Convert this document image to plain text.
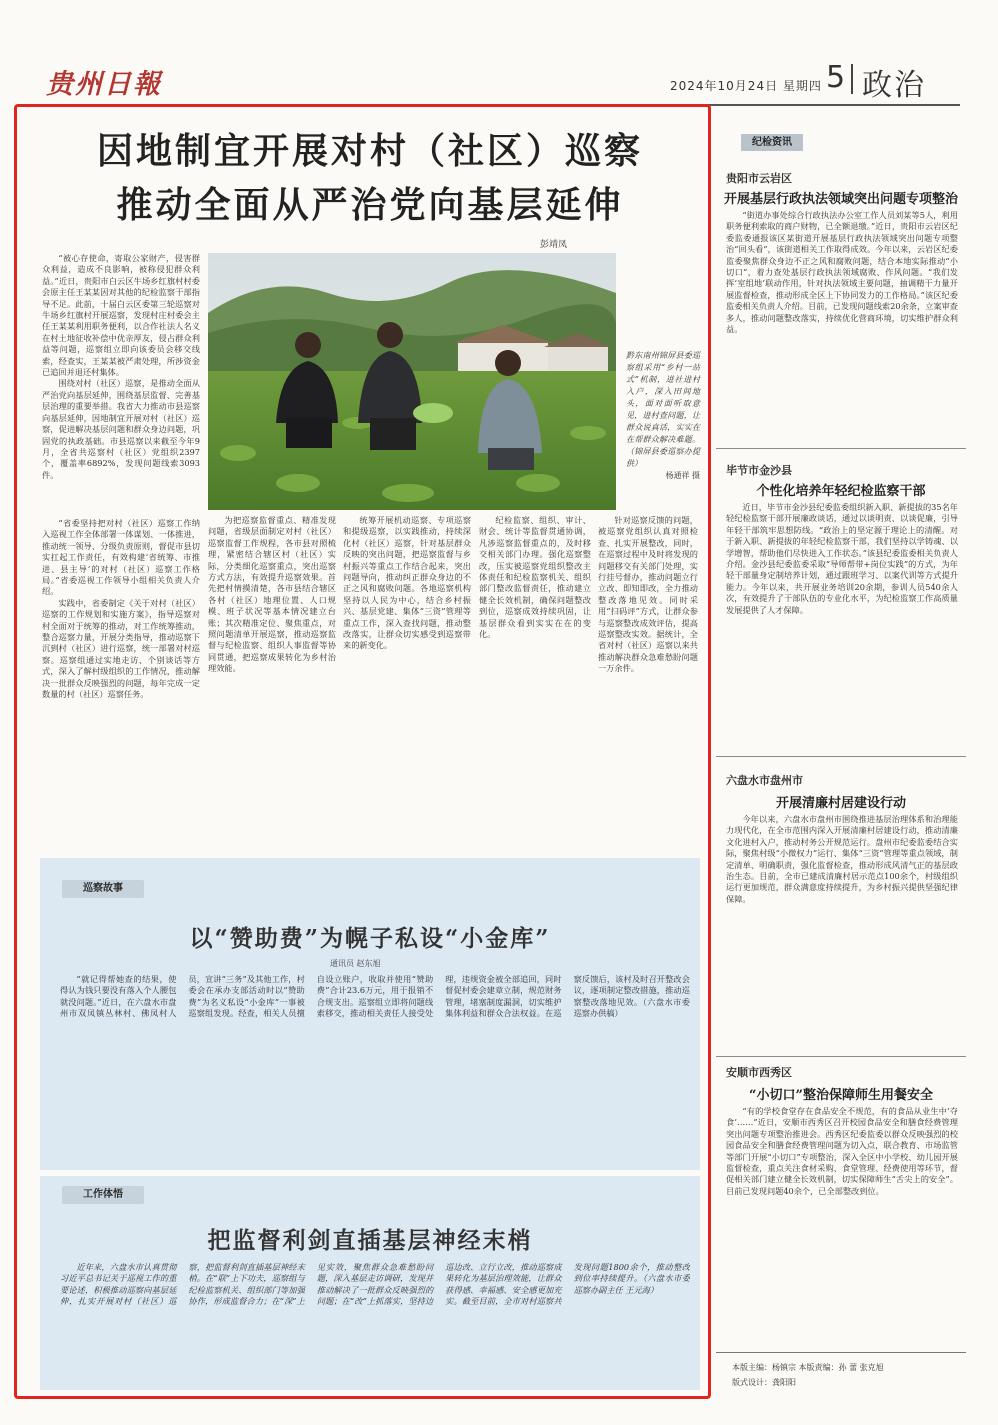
贵州日報	2024年10月24日 星期四 5 政治
因地制宜开展对村（社区）巡察
推动全面从严治党向基层延伸
彭靖凤

“被心存使命，寄取公家财产，侵害群众利益，造成不良影响，被称侵犯群众利益。”近日，贵阳市白云区牛场乡红旗村村委会原主任王某某因对其他的纪检监察干部指导不足。此前，十届白云区委第三轮巡察对牛场乡红旗村开展巡察，发现村庄村委会主任王某某利用职务便利，以合作社法人名义在村土地征收补偿中优亲厚友，侵占群众利益等问题，巡察组立即向该委员会移交线索，经查实，王某某被严肃处理，所涉资金已追回并退还村集体。

围绕对村（社区）巡察，是推动全面从严治党向基层延伸，围绕基层监督、完善基层治理的重要举措。我省大力推动市县巡察向基层延伸，因地制宜开展对村（社区）巡察，促进解决基层问题和群众身边问题，巩固党的执政基础。市县巡察以来截至今年9月，全省共巡察村（社区）党组织2397个，覆盖率6892%，发现问题线索3093件。

黔东南州锦屏县委巡察组采用“乡村一站式”机制，进社进村入户，深入田间地头，面对面听取意见，进村查问题，让群众说真话，实实在在帮群众解决难题。（锦屏县委巡察办提供）

杨通祥 摄

“省委坚持把对村（社区）巡察工作纳入巡视工作全体部署一体谋划、一体推进，推动统一领导、分级负责原则，督促市县切实扛起工作责任，有效构建‘省统筹、市推进、县主导’的对村（社区）巡察工作格局。”省委巡视工作领导小组相关负责人介绍。

实践中，省委制定《关于对村（社区）巡察的工作规划和实施方案》，指导巡察对村全面对于统筹的推动，对工作统筹推动，整合巡察力量，开展分类指导，推动巡察下沉到村（社区）进行巡察，统一部署对村巡察。巡察组通过实地走访、个别谈话等方式，深入了解村级组织的工作情况，推动解决一批群众反映强烈的问题，每年完成一定数量的村（社区）巡察任务。

为把巡察监督重点、精准发现问题，省级层面制定对村（社区）巡察监督工作规程，各市县对照梳理，紧密结合辖区村（社区）实际，分类细化巡察重点，突出巡察方式方法，有效提升巡察效果。首先把村情摸清楚，各市县结合辖区各村（社区）地理位置、人口规模、班子状况等基本情况建立台账；其次精准定位、聚焦重点，对照问题清单开展巡察，推动巡察监督与纪检监察、组织人事监督等协同贯通，把巡察成果转化为乡村治理效能。

统筹开展机动巡察、专项巡察和提级巡察，以实践推动，持续深化村（社区）巡察，针对基层群众反映的突出问题，把巡察监督与乡村振兴等重点工作结合起来，突出问题导向，推动纠正群众身边的不正之风和腐败问题。各地巡察机构坚持以人民为中心，结合乡村振兴、基层党建、集体“三资”管理等重点工作，深入查找问题，推动整改落实，让群众切实感受到巡察带来的新变化。

纪检监察、组织、审计、财会、统计等监督贯通协调，凡涉巡察监督重点的，及时移交相关部门办理。强化巡察整改，压实被巡察党组织整改主体责任和纪检监察机关、组织部门整改监督责任，推动建立健全长效机制，确保问题整改到位，巡察成效持续巩固，让基层群众看到实实在在的变化。

针对巡察反馈的问题，被巡察党组织认真对照检查、扎实开展整改，同时，在巡察过程中及时将发现的问题移交有关部门处理，实行挂号督办，推动问题立行立改、即知即改，全力推动整改落地见效。同时采用“扫码评”方式，让群众参与巡察整改成效评估，提高巡察整改实效。据统计，全省对村（社区）巡察以来共推动解决群众急难愁盼问题一万余件。

巡察故事
以“赞助费”为幌子私设“小金库”
通讯员 赵东旭

“就记得帮她查的结果，使得认为钱只要没有落入个人腰包就没问题。”近日，在六盘水市盘州市双凤镇丛林村、佛凤村人员，宣讲“三务”及其他工作，村委会在承办支部活动时以“赞助费”为名义私设“小金库”一事被巡察组发现。经查，相关人员擅自设立账户，收取并使用“赞助费”合计23.6万元，用于报销不合规支出。巡察组立即将问题线索移交，推动相关责任人接受处理，违规资金被全部追回，同时督促村委会建章立制，规范财务管理，堵塞制度漏洞，切实维护集体利益和群众合法权益。在巡察反馈后，该村及时召开整改会议，逐项制定整改措施，推动巡察整改落地见效。（六盘水市委巡察办供稿）

工作体悟
把监督利剑直插基层神经末梢

近年来，六盘水市认真贯彻习近平总书记关于巡视工作的重要论述，积极推动巡察向基层延伸，扎实开展对村（社区）巡察，把监督利剑直插基层神经末梢。在“联”上下功夫，巡察组与纪检监察机关、组织部门等加强协作，形成监督合力；在“深”上见实效，聚焦群众急难愁盼问题，深入基层走访调研，发现并推动解决了一批群众反映强烈的问题；在“改”上抓落实，坚持边巡边改、立行立改，推动巡察成果转化为基层治理效能，让群众获得感、幸福感、安全感更加充实。截至目前，全市对村巡察共发现问题1800余个，推动整改到位率持续提升。（六盘水市委巡察办副主任 王元海）

纪检资讯
贵阳市云岩区
开展基层行政执法领域突出问题专项整治

“街道办事处综合行政执法办公室工作人员刘某等5人，利用职务便利索取的商户财物，已全额退缴。”近日，贵阳市云岩区纪委监委通报该区某街道开展基层行政执法领域突出问题专项整治“回头看”，该街道相关工作取得成效。今年以来，云岩区纪委监委聚焦群众身边不正之风和腐败问题，结合本地实际推动“小切口”，着力查处基层行政执法领域腐败、作风问题。“我们发挥‘室组地’联动作用，针对执法领域主要问题，抽调精干力量开展监督检查，推动形成全区上下协同发力的工作格局。”该区纪委监委相关负责人介绍。目前，已发现问题线索20余条，立案审查多人，推动问题整改落实，持续优化营商环境，切实维护群众利益。

毕节市金沙县
个性化培养年轻纪检监察干部

近日，毕节市金沙县纪委监委组织新入职、新提拔的35名年轻纪检监察干部开展廉政谈话，通过以谈明责、以谈促廉，引导年轻干部筑牢思想防线。“政治上的坚定源于理论上的清醒。对于新入职、新提拔的年轻纪检监察干部，我们坚持以学铸魂、以学增智，帮助他们尽快进入工作状态。”该县纪委监委相关负责人介绍。金沙县纪委监委采取“导师帮带+岗位实践”的方式，为年轻干部量身定制培养计划，通过跟班学习、以案代训等方式提升能力。今年以来，共开展业务培训20余期，参训人员540余人次，有效提升了干部队伍的专业化水平，为纪检监察工作高质量发展提供了人才保障。

六盘水市盘州市
开展清廉村居建设行动

今年以来，六盘水市盘州市围绕推进基层治理体系和治理能力现代化，在全市范围内深入开展清廉村居建设行动，推动清廉文化进村入户，推动村务公开规范运行。盘州市纪委监委结合实际，聚焦村级“小微权力”运行、集体“三资”管理等重点领域，制定清单、明确职责，强化监督检查，推动形成风清气正的基层政治生态。目前，全市已建成清廉村居示范点100余个，村级组织运行更加规范，群众满意度持续提升，为乡村振兴提供坚强纪律保障。

安顺市西秀区
“小切口”整治保障师生用餐安全

“有的学校食堂存在食品安全不规范，有的食品从业生中‘夺食’……”近日，安顺市西秀区召开校园食品安全和膳食经费管理突出问题专项整治推进会。西秀区纪委监委以群众反映强烈的校园食品安全和膳食经费管理问题为切入点，联合教育、市场监管等部门开展“小切口”专项整治，深入全区中小学校、幼儿园开展监督检查，重点关注食材采购、食堂管理、经费使用等环节，督促相关部门建立健全长效机制，切实保障师生“舌尖上的安全”。目前已发现问题40余个，已全部整改到位。

本版主编：杨镇宗 本版责编：孙 蕾 张克旭
版式设计：龚阳阳
